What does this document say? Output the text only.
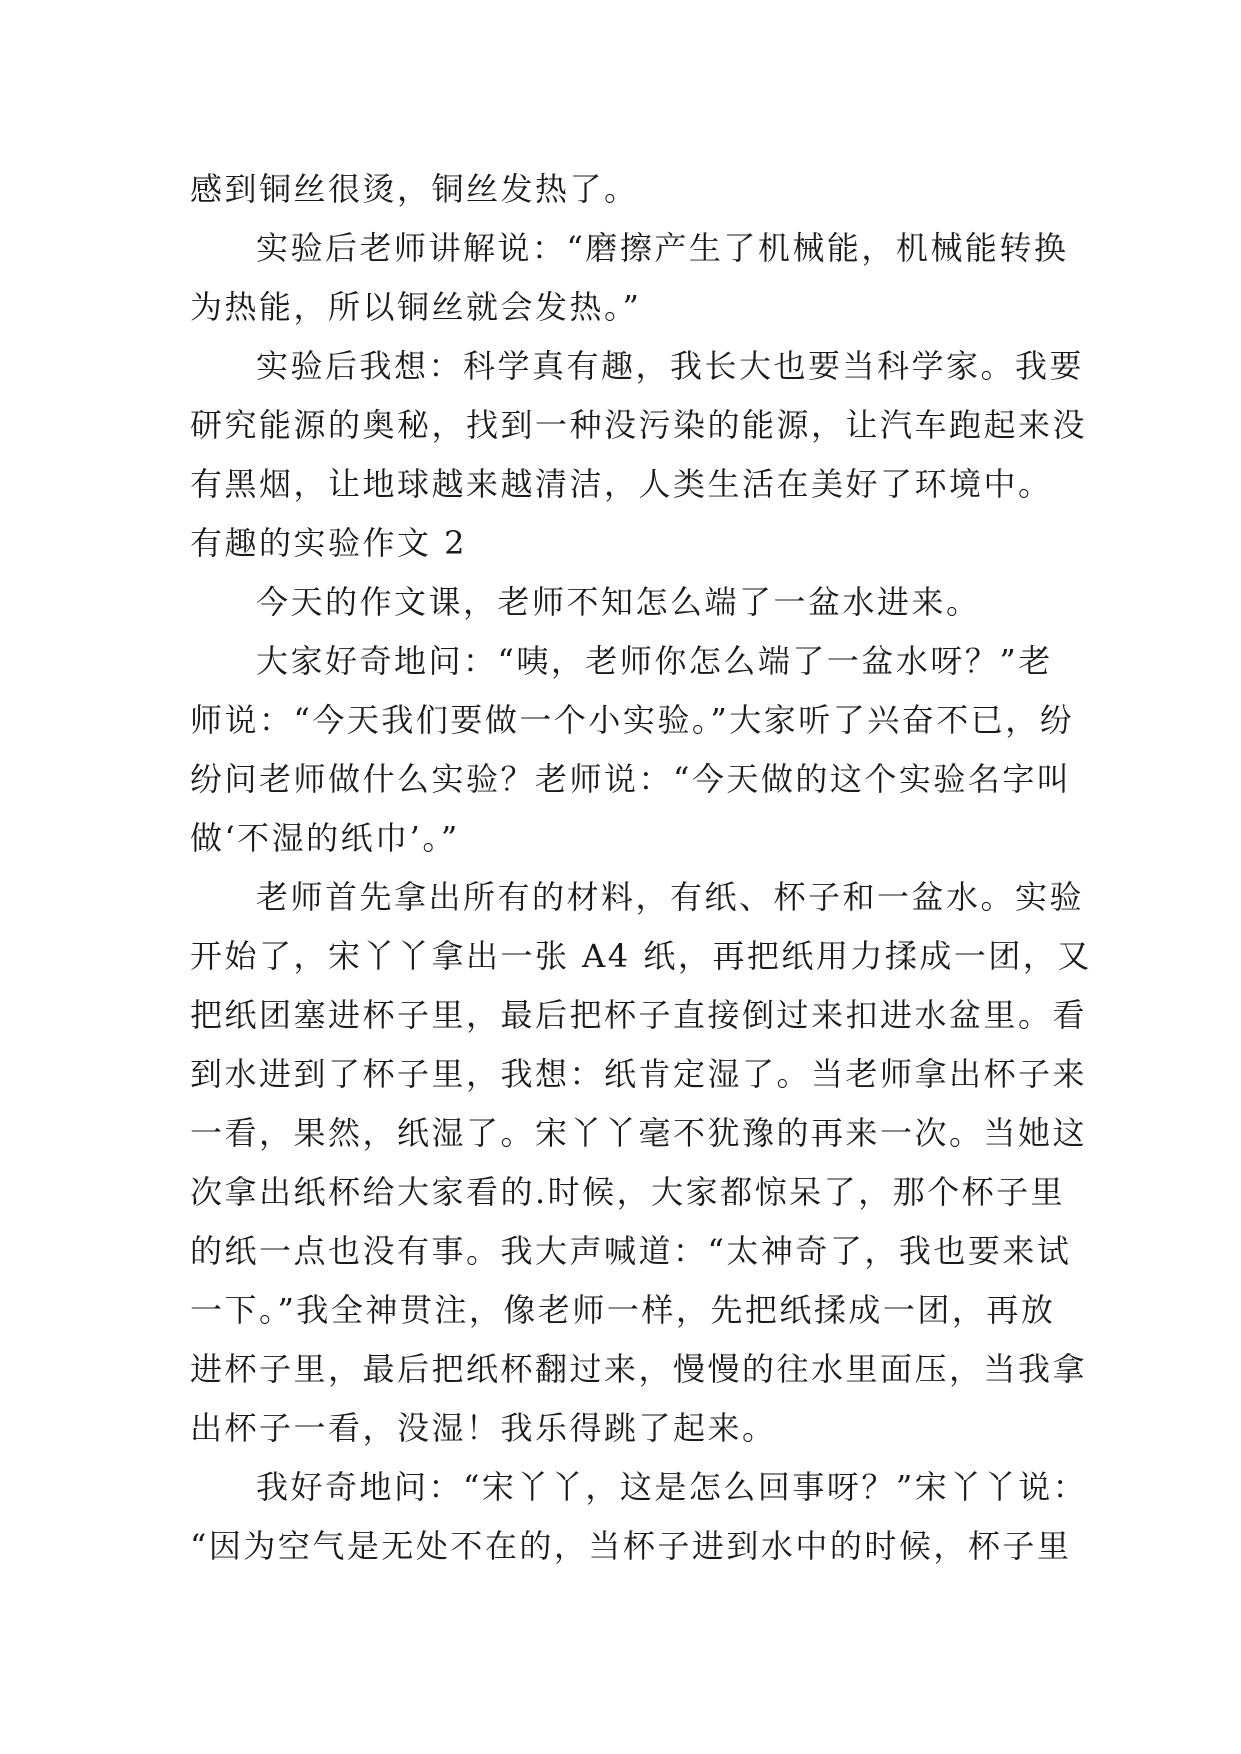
感到铜丝很烫，铜丝发热了。
实验后老师讲解说：“磨擦产生了机械能，机械能转换
为热能，所以铜丝就会发热。”
实验后我想：科学真有趣，我长大也要当科学家。我要
研究能源的奥秘，找到一种没污染的能源，让汽车跑起来没
有黑烟，让地球越来越清洁，人类生活在美好了环境中。
有趣的实验作文 2
今天的作文课，老师不知怎么端了一盆水进来。
大家好奇地问：“咦，老师你怎么端了一盆水呀？”老
师说：“今天我们要做一个小实验。”大家听了兴奋不已，纷
纷问老师做什么实验？老师说：“今天做的这个实验名字叫
做‘不湿的纸巾’。”
老师首先拿出所有的材料，有纸、杯子和一盆水。实验
开始了，宋丫丫拿出一张 A4 纸，再把纸用力揉成一团，又
把纸团塞进杯子里，最后把杯子直接倒过来扣进水盆里。看
到水进到了杯子里，我想：纸肯定湿了。当老师拿出杯子来
一看，果然，纸湿了。宋丫丫毫不犹豫的再来一次。当她这
次拿出纸杯给大家看的.时候，大家都惊呆了，那个杯子里
的纸一点也没有事。我大声喊道：“太神奇了，我也要来试
一下。”我全神贯注，像老师一样，先把纸揉成一团，再放
进杯子里，最后把纸杯翻过来，慢慢的往水里面压，当我拿
出杯子一看，没湿！我乐得跳了起来。
我好奇地问：“宋丫丫，这是怎么回事呀？”宋丫丫说：
“因为空气是无处不在的，当杯子进到水中的时候，杯子里
